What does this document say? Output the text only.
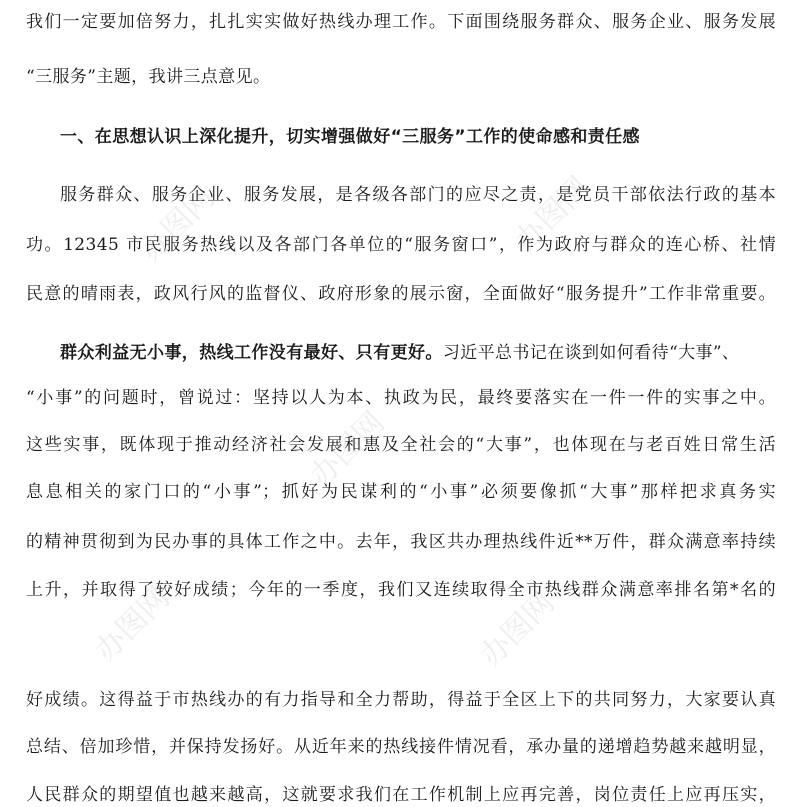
我们一定要加倍努力，扎扎实实做好热线办理工作。下面围绕服务群众、服务企业、服务发展
“三服务”主题，我讲三点意见。
一、在思想认识上深化提升，切实增强做好“三服务”工作的使命感和责任感
服务群众、服务企业、服务发展，是各级各部门的应尽之责，是党员干部依法行政的基本
功。12345 市民服务热线以及各部门各单位的“服务窗口”，作为政府与群众的连心桥、社情
民意的晴雨表，政风行风的监督仪、政府形象的展示窗，全面做好“服务提升”工作非常重要。
群众利益无小事，热线工作没有最好、只有更好。习近平总书记在谈到如何看待“大事”、
“小事”的问题时，曾说过：坚持以人为本、执政为民，最终要落实在一件一件的实事之中。
这些实事，既体现于推动经济社会发展和惠及全社会的“大事”，也体现在与老百姓日常生活
息息相关的家门口的“小事”；抓好为民谋利的“小事”必须要像抓“大事”那样把求真务实
的精神贯彻到为民办事的具体工作之中。去年，我区共办理热线件近**万件，群众满意率持续
上升，并取得了较好成绩；今年的一季度，我们又连续取得全市热线群众满意率排名第*名的
好成绩。这得益于市热线办的有力指导和全力帮助，得益于全区上下的共同努力，大家要认真
总结、倍加珍惜，并保持发扬好。从近年来的热线接件情况看，承办量的递增趋势越来越明显，
人民群众的期望值也越来越高，这就要求我们在工作机制上应再完善，岗位责任上应再压实，
办图网	办图网
办图网
办图网	办图网
